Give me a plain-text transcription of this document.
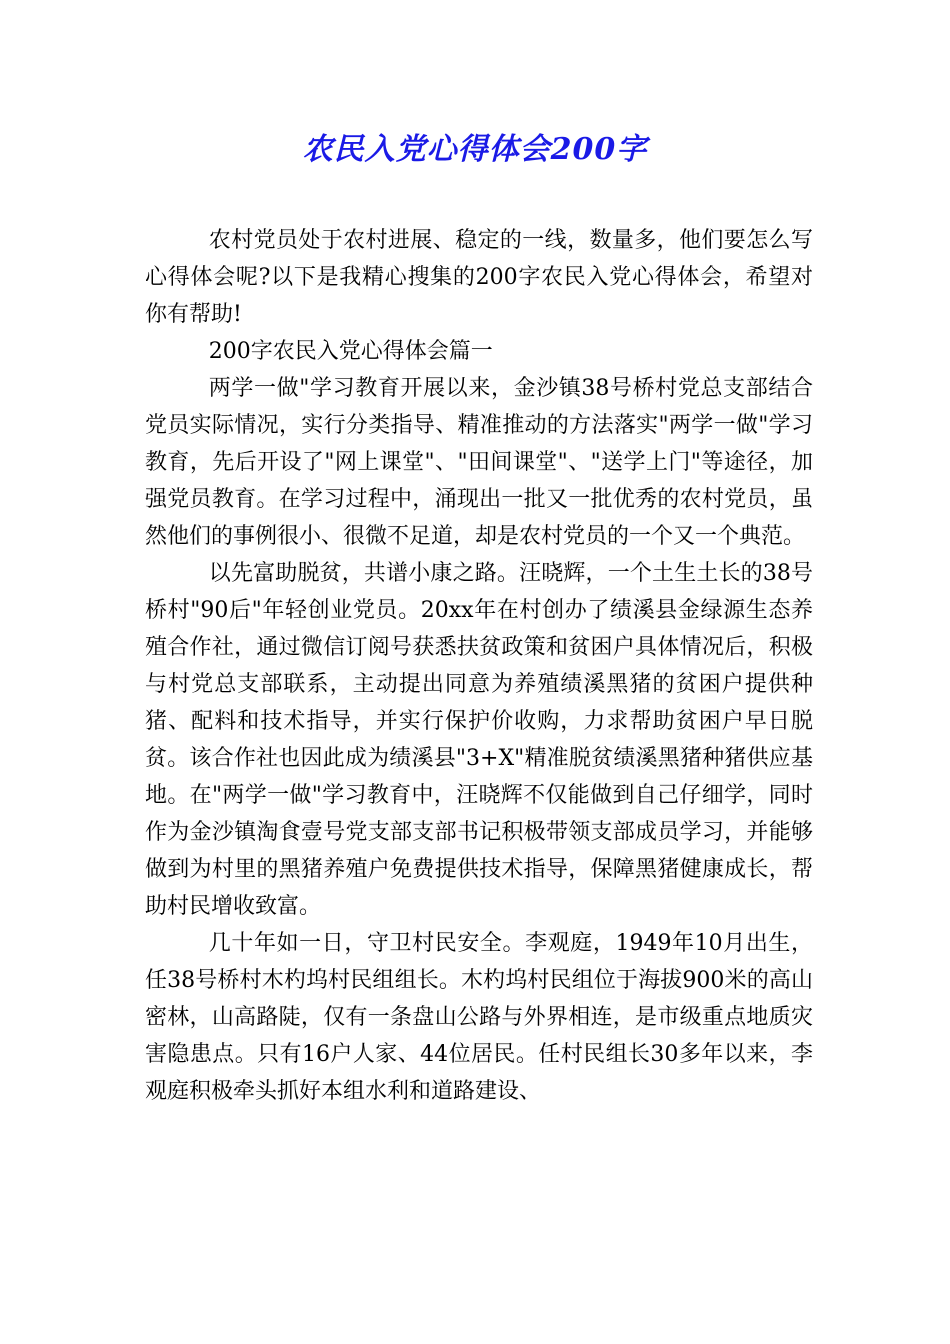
农民入党心得体会200字

农村党员处于农村进展、稳定的一线，数量多，他们要怎么写心得体会呢?以下是我精心搜集的200字农民入党心得体会，希望对你有帮助!

200字农民入党心得体会篇一

两学一做"学习教育开展以来，金沙镇38号桥村党总支部结合党员实际情况，实行分类指导、精准推动的方法落实"两学一做"学习教育，先后开设了"网上课堂"、"田间课堂"、"送学上门"等途径，加强党员教育。在学习过程中，涌现出一批又一批优秀的农村党员，虽然他们的事例很小、很微不足道，却是农村党员的一个又一个典范。

以先富助脱贫，共谱小康之路。汪晓辉，一个土生土长的38号桥村"90后"年轻创业党员。20xx年在村创办了绩溪县金绿源生态养殖合作社，通过微信订阅号获悉扶贫政策和贫困户具体情况后，积极与村党总支部联系，主动提出同意为养殖绩溪黑猪的贫困户提供种猪、配料和技术指导，并实行保护价收购，力求帮助贫困户早日脱贫。该合作社也因此成为绩溪县"3+X"精准脱贫绩溪黑猪种猪供应基地。在"两学一做"学习教育中，汪晓辉不仅能做到自己仔细学，同时作为金沙镇淘食壹号党支部支部书记积极带领支部成员学习，并能够做到为村里的黑猪养殖户免费提供技术指导，保障黑猪健康成长，帮助村民增收致富。

几十年如一日，守卫村民安全。李观庭，1949年10月出生，任38号桥村木杓坞村民组组长。木杓坞村民组位于海拔900米的高山密林，山高路陡，仅有一条盘山公路与外界相连，是市级重点地质灾害隐患点。只有16户人家、44位居民。任村民组长30多年以来，李观庭积极牵头抓好本组水利和道路建设、
